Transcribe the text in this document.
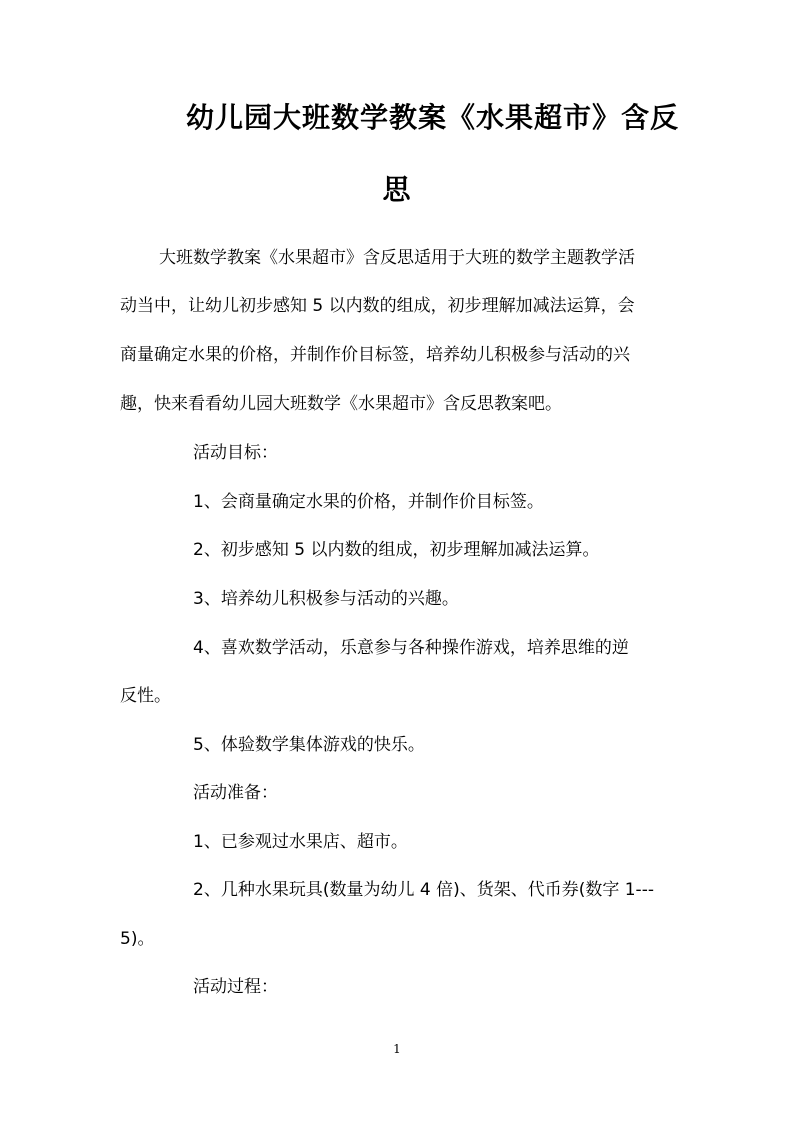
幼儿园大班数学教案《水果超市》含反
思

大班数学教案《水果超市》含反思适用于大班的数学主题教学活

动当中，让幼儿初步感知 5 以内数的组成，初步理解加减法运算，会

商量确定水果的价格，并制作价目标签，培养幼儿积极参与活动的兴

趣，快来看看幼儿园大班数学《水果超市》含反思教案吧。

活动目标：

1、会商量确定水果的价格，并制作价目标签。

2、初步感知 5 以内数的组成，初步理解加减法运算。

3、培养幼儿积极参与活动的兴趣。

4、喜欢数学活动，乐意参与各种操作游戏，培养思维的逆

反性。

5、体验数学集体游戏的快乐。

活动准备：

1、已参观过水果店、超市。

2、几种水果玩具(数量为幼儿 4 倍)、货架、代币券(数字 1---

5)。

活动过程：

1
